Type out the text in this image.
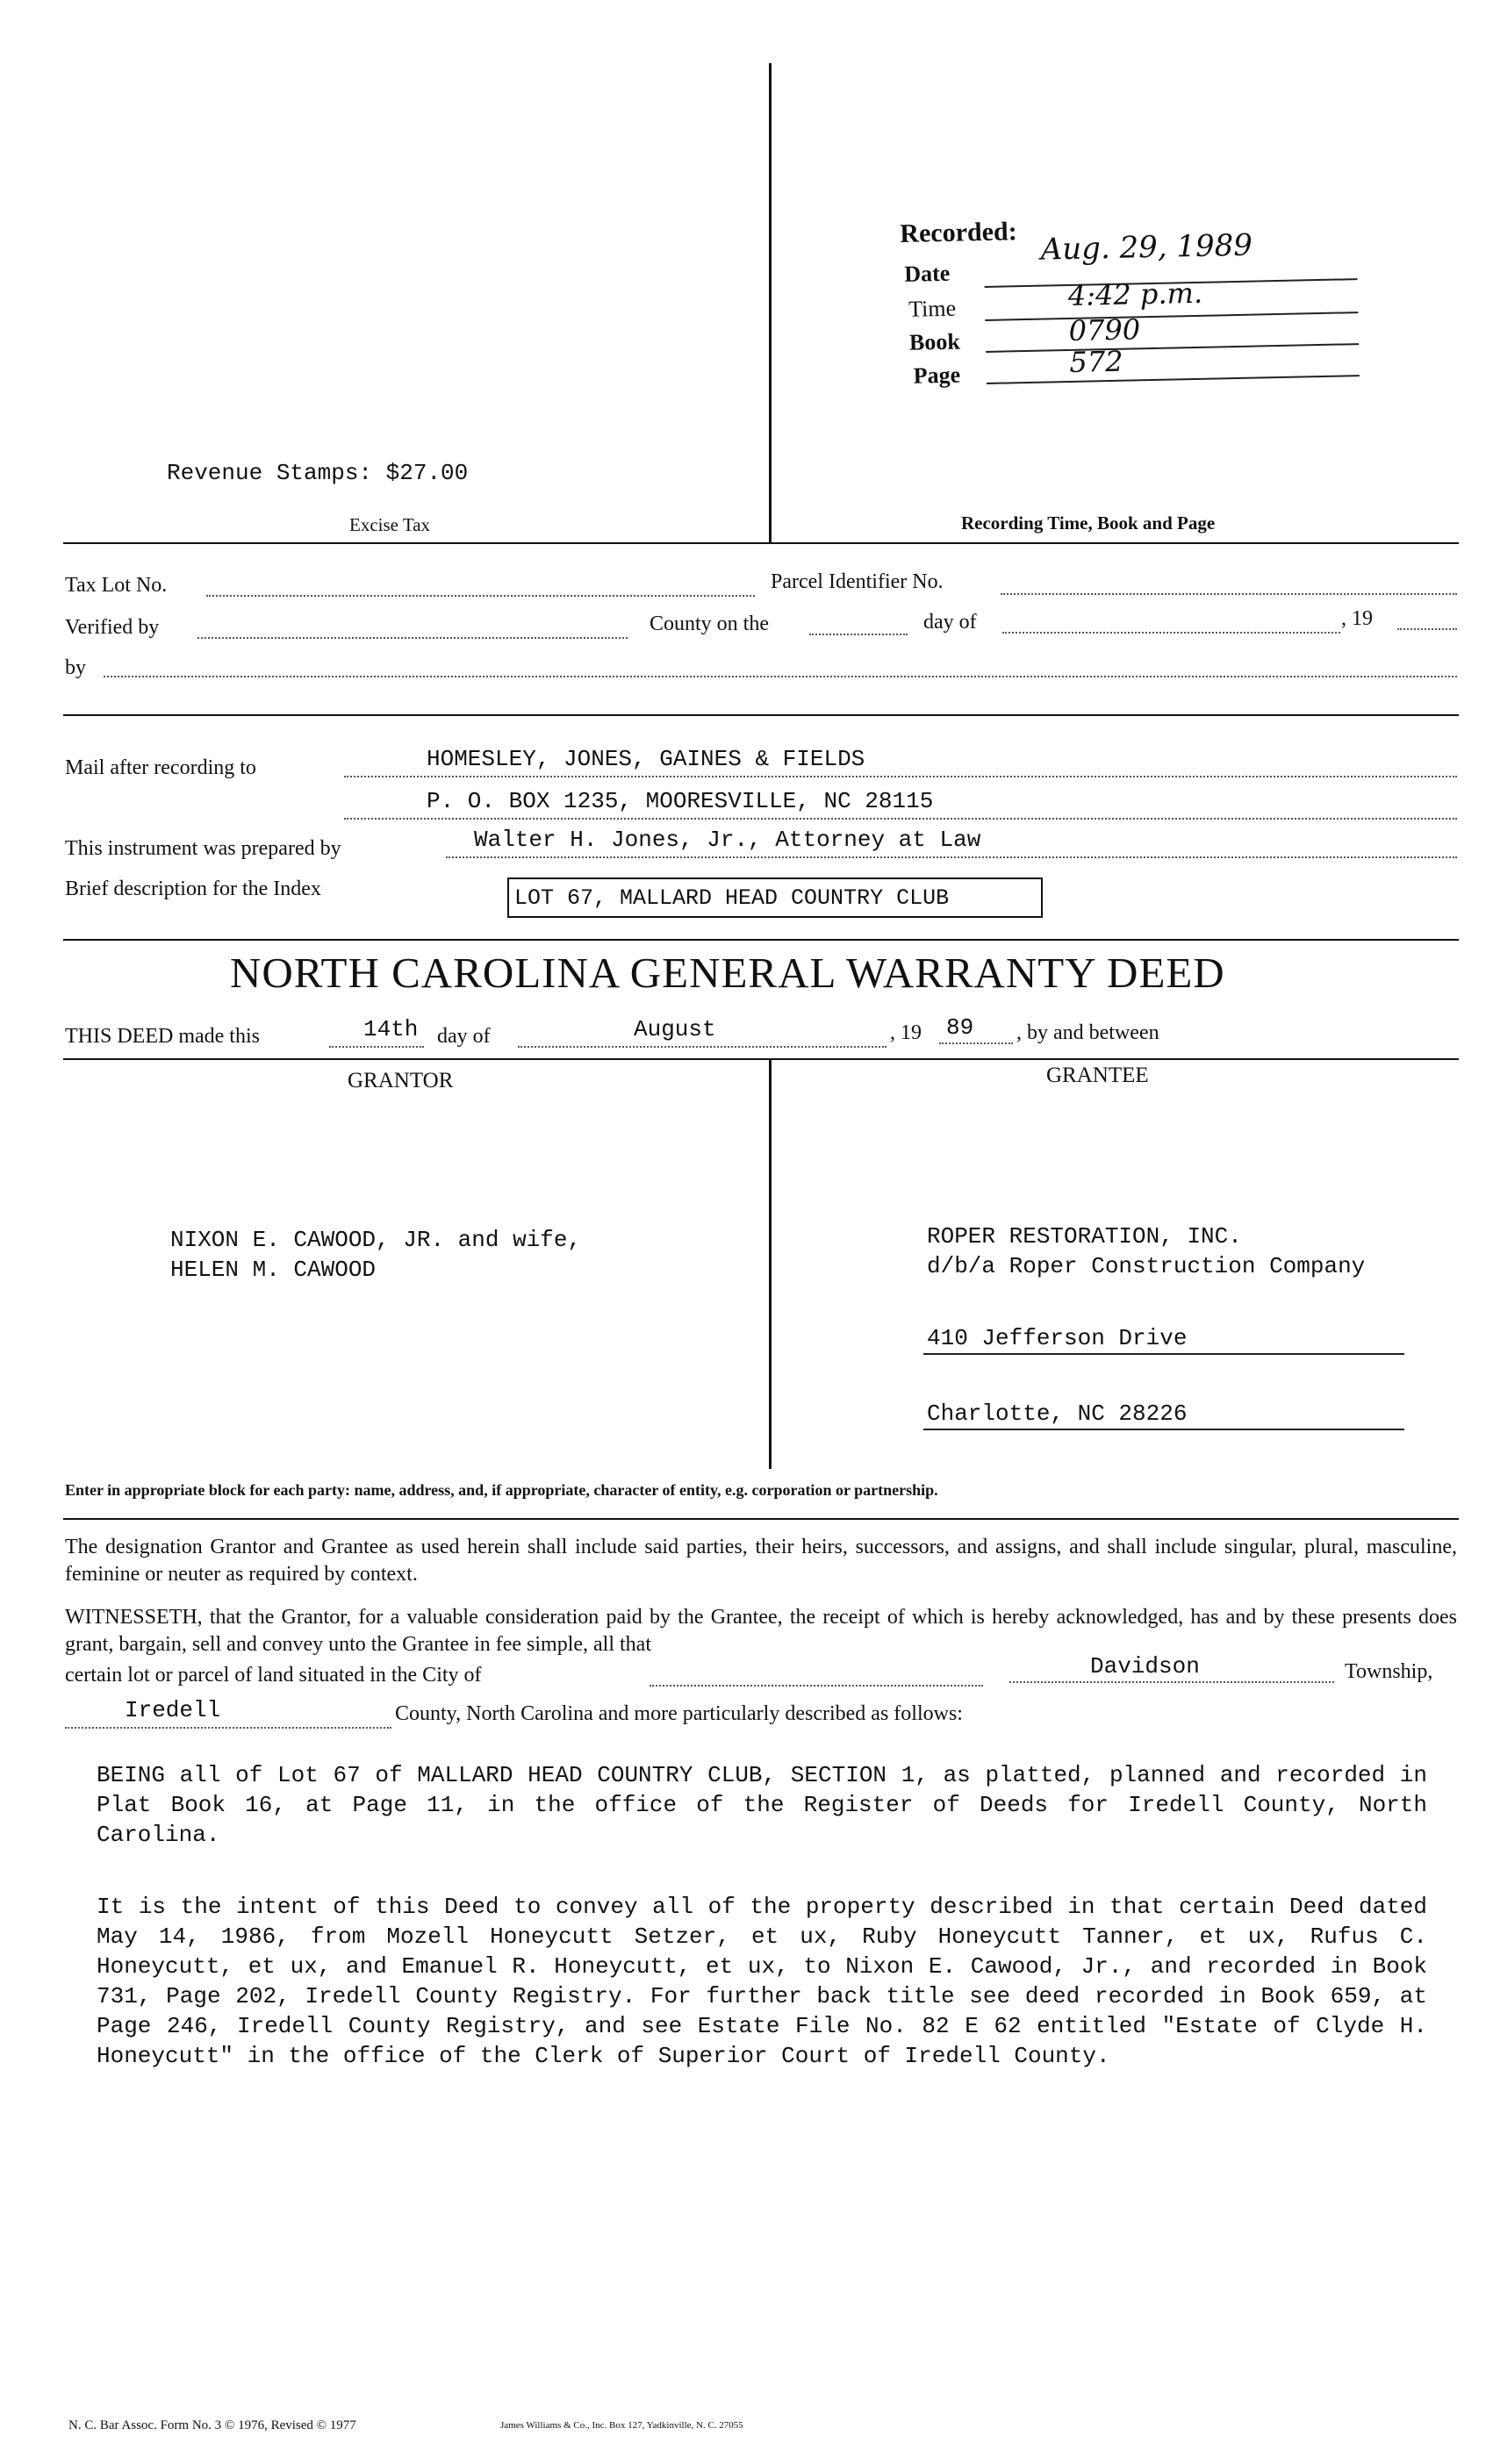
Revenue Stamps: $27.00
Excise Tax
Recorded:
Date
Aug. 29, 1989
Time	4:42 p.m.
Book	0790
Page	572
Recording Time, Book and Page
Tax Lot No.	Parcel Identifier No.
Verified by	County on the	day of	, 19
by
Mail after recording to	HOMESLEY, JONES, GAINES & FIELDS
P. O. BOX 1235, MOORESVILLE, NC 28115
This instrument was prepared by	Walter H. Jones, Jr., Attorney at Law
Brief description for the Index	LOT 67, MALLARD HEAD COUNTRY CLUB
NORTH CAROLINA GENERAL WARRANTY DEED
THIS DEED made this	14th day of	August	, 19 89 , by and between
GRANTOR	GRANTEE
NIXON E. CAWOOD, JR. and wife,
HELEN M. CAWOOD
ROPER RESTORATION, INC.
d/b/a Roper Construction Company
410 Jefferson Drive
Charlotte, NC 28226
Enter in appropriate block for each party: name, address, and, if appropriate, character of entity, e.g. corporation or partnership.
The designation Grantor and Grantee as used herein shall include said parties, their heirs, successors, and assigns, and shall include singular, plural, masculine, feminine or neuter as required by context.
WITNESSETH, that the Grantor, for a valuable consideration paid by the Grantee, the receipt of which is hereby acknowledged, has and by these presents does grant, bargain, sell and convey unto the Grantee in fee simple, all that
certain lot or parcel of land situated in the City of	Davidson	Township,
Iredell	County, North Carolina and more particularly described as follows:
BEING all of Lot 67 of MALLARD HEAD COUNTRY CLUB, SECTION 1, as platted, planned and recorded in Plat Book 16, at Page 11, in the office of the Register of Deeds for Iredell County, North Carolina.
It is the intent of this Deed to convey all of the property described in that certain Deed dated May 14, 1986, from Mozell Honeycutt Setzer, et ux, Ruby Honeycutt Tanner, et ux, Rufus C. Honeycutt, et ux, and Emanuel R. Honeycutt, et ux, to Nixon E. Cawood, Jr., and recorded in Book 731, Page 202, Iredell County Registry. For further back title see deed recorded in Book 659, at Page 246, Iredell County Registry, and see Estate File No. 82 E 62 entitled "Estate of Clyde H. Honeycutt" in the office of the Clerk of Superior Court of Iredell County.
N. C. Bar Assoc. Form No. 3 © 1976, Revised © 1977	James Williams & Co., Inc. Box 127, Yadkinville, N. C. 27055
